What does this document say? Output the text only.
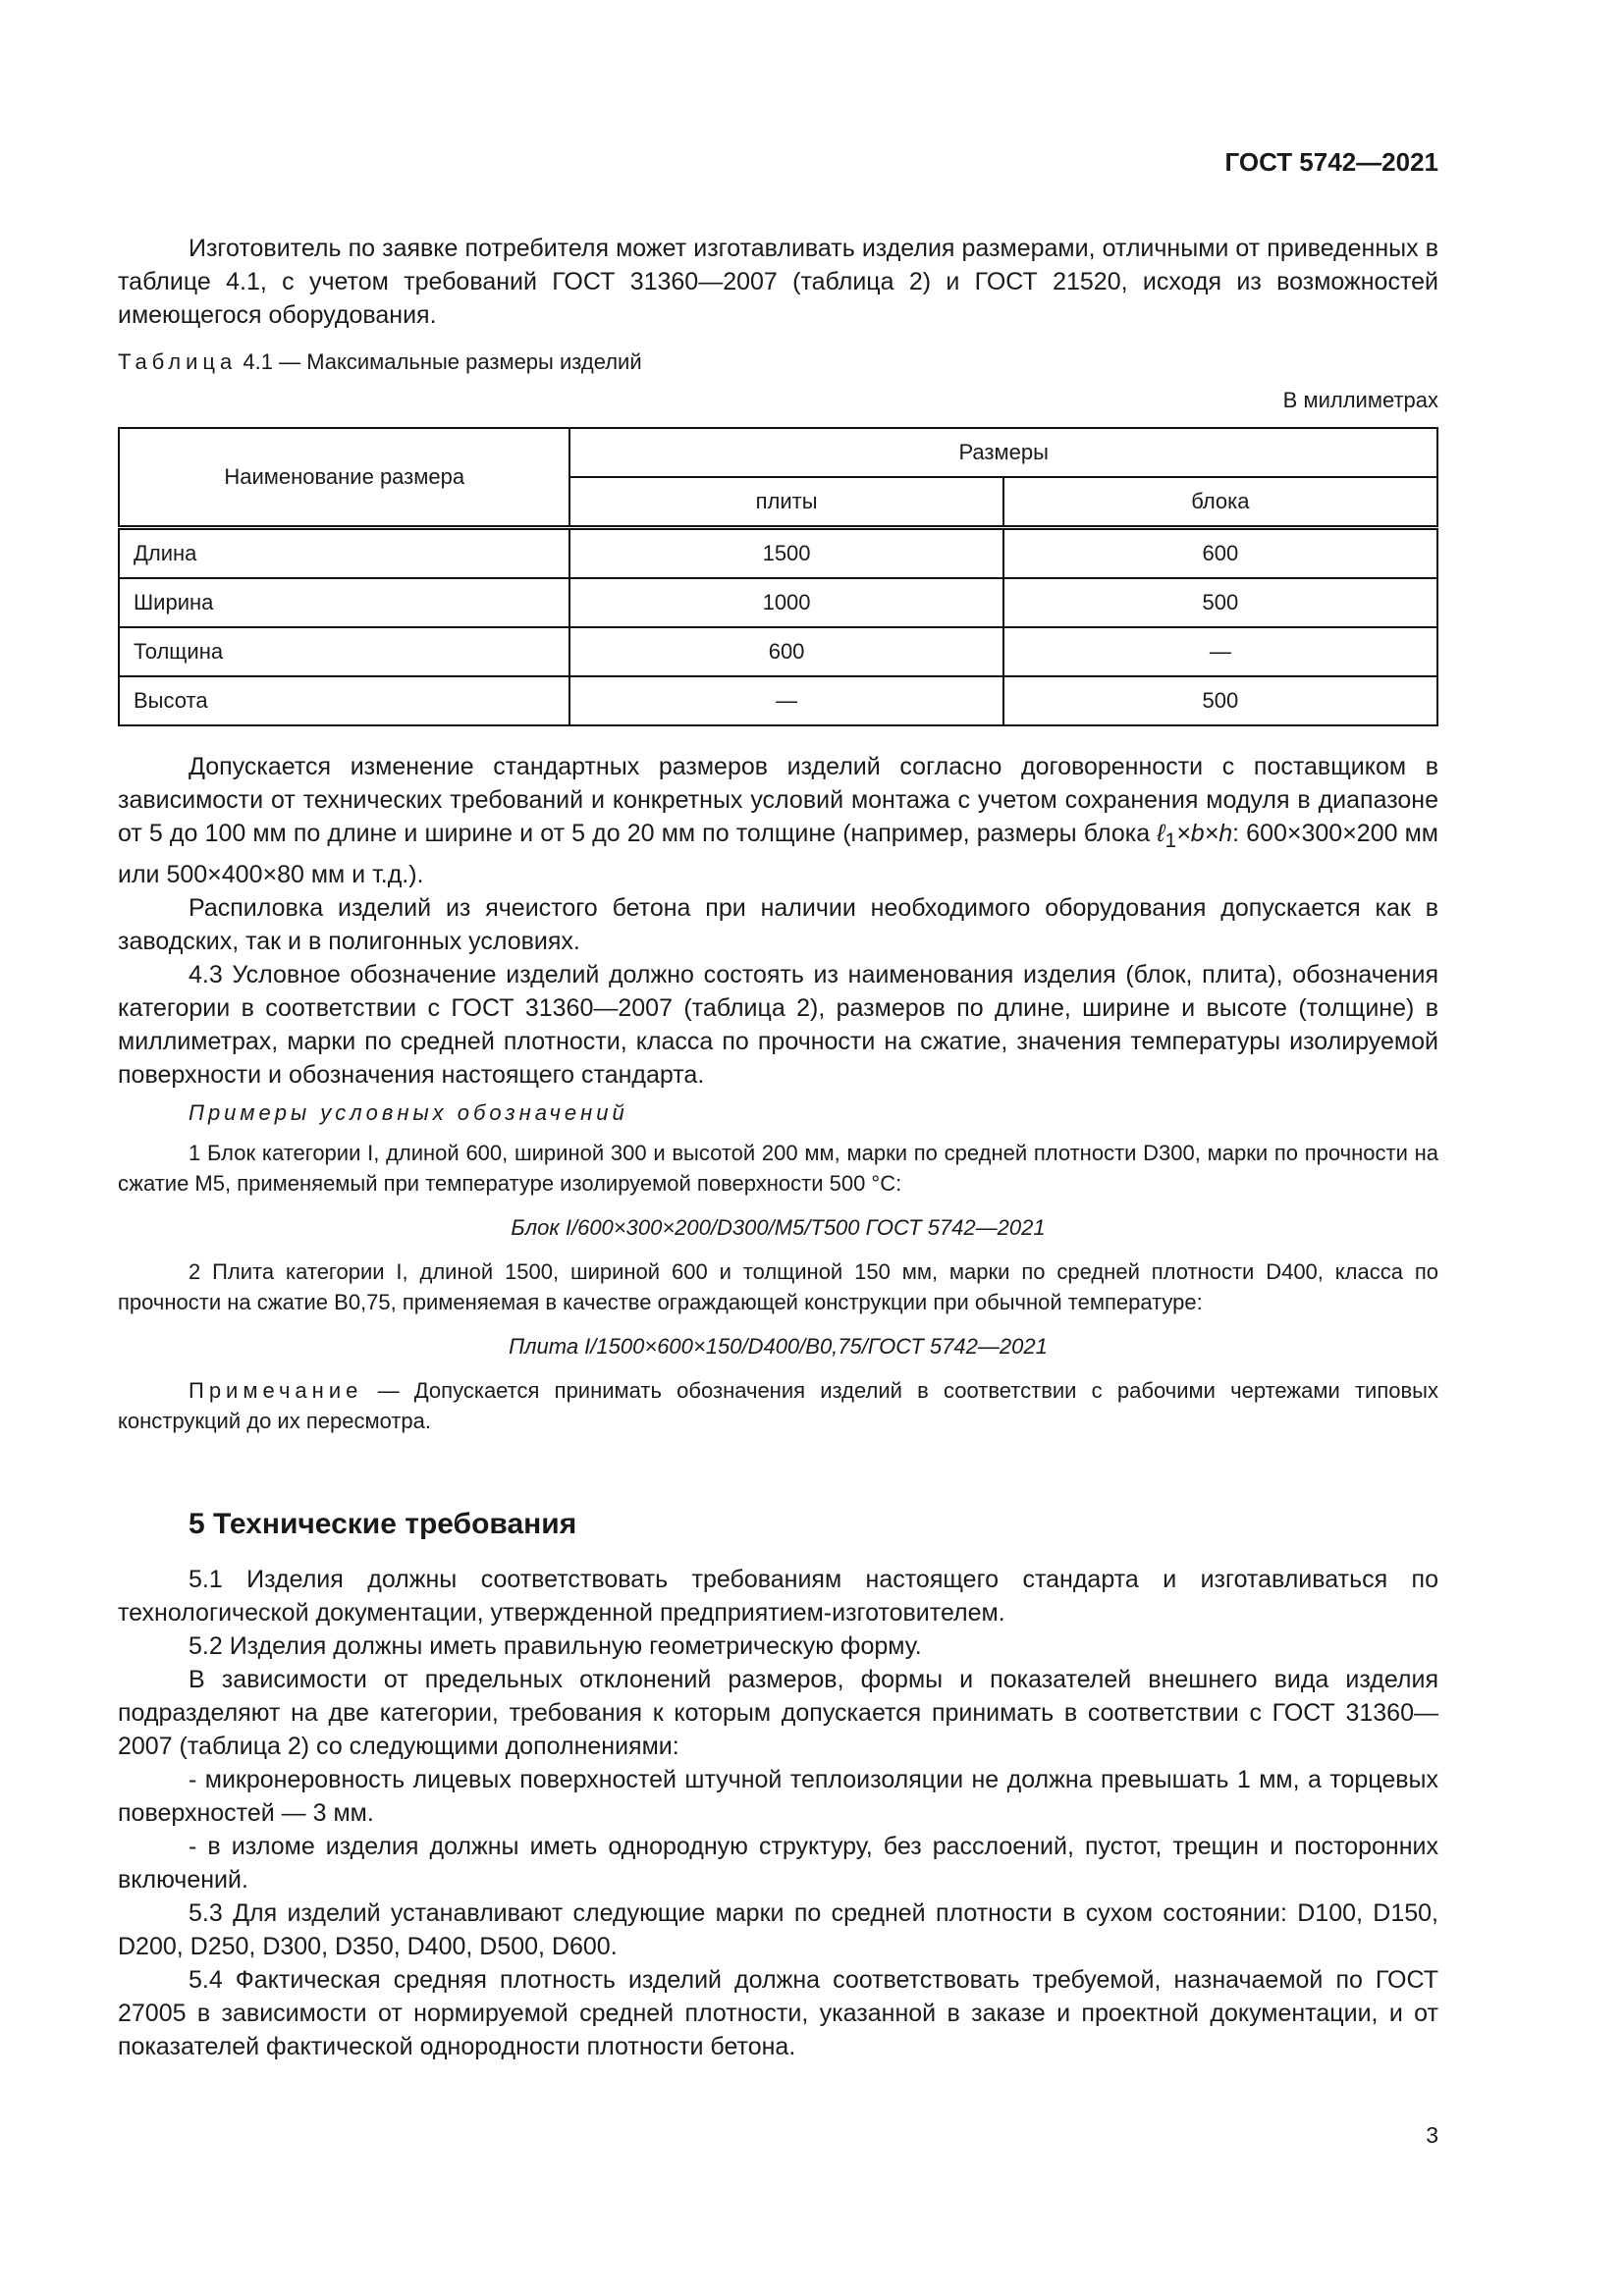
ГОСТ 5742—2021

Изготовитель по заявке потребителя может изготавливать изделия размерами, отличными от приведенных в таблице 4.1, с учетом требований ГОСТ 31360—2007 (таблица 2) и ГОСТ 21520, исходя из возможностей имеющегося оборудования.

Таблица 4.1 — Максимальные размеры изделий
В миллиметрах
Наименование размера	Размеры	
	плиты	блока
Длина	1500	600
Ширина	1000	500
Толщина	600	—
Высота	—	500

Допускается изменение стандартных размеров изделий согласно договоренности с поставщиком в зависимости от технических требований и конкретных условий монтажа с учетом сохранения модуля в диапазоне от 5 до 100 мм по длине и ширине и от 5 до 20 мм по толщине (например, размеры блока ℓ$_1$×b×h: 600×300×200 мм или 500×400×80 мм и т.д.).

Распиловка изделий из ячеистого бетона при наличии необходимого оборудования допускается как в заводских, так и в полигонных условиях.

4.3 Условное обозначение изделий должно состоять из наименования изделия (блок, плита), обозначения категории в соответствии с ГОСТ 31360—2007 (таблица 2), размеров по длине, ширине и высоте (толщине) в миллиметрах, марки по средней плотности, класса по прочности на сжатие, значения температуры изолируемой поверхности и обозначения настоящего стандарта.

Примеры условных обозначений

1 Блок категории I, длиной 600, шириной 300 и высотой 200 мм, марки по средней плотности D300, марки по прочности на сжатие М5, применяемый при температуре изолируемой поверхности 500 °С:

Блок I/600×300×200/D300/М5/Т500 ГОСТ 5742—2021

2 Плита категории I, длиной 1500, шириной 600 и толщиной 150 мм, марки по средней плотности D400, класса по прочности на сжатие В0,75, применяемая в качестве ограждающей конструкции при обычной температуре:

Плита I/1500×600×150/D400/В0,75/ГОСТ 5742—2021

Примечание — Допускается принимать обозначения изделий в соответствии с рабочими чертежами типовых конструкций до их пересмотра.

5 Технические требования

5.1 Изделия должны соответствовать требованиям настоящего стандарта и изготавливаться по технологической документации, утвержденной предприятием-изготовителем.

5.2 Изделия должны иметь правильную геометрическую форму.

В зависимости от предельных отклонений размеров, формы и показателей внешнего вида изделия подразделяют на две категории, требования к которым допускается принимать в соответствии с ГОСТ 31360—2007 (таблица 2) со следующими дополнениями:

- микронеровность лицевых поверхностей штучной теплоизоляции не должна превышать 1 мм, а торцевых поверхностей — 3 мм.

- в изломе изделия должны иметь однородную структуру, без расслоений, пустот, трещин и посторонних включений.

5.3 Для изделий устанавливают следующие марки по средней плотности в сухом состоянии: D100, D150, D200, D250, D300, D350, D400, D500, D600.

5.4 Фактическая средняя плотность изделий должна соответствовать требуемой, назначаемой по ГОСТ 27005 в зависимости от нормируемой средней плотности, указанной в заказе и проектной документации, и от показателей фактической однородности плотности бетона.

3
